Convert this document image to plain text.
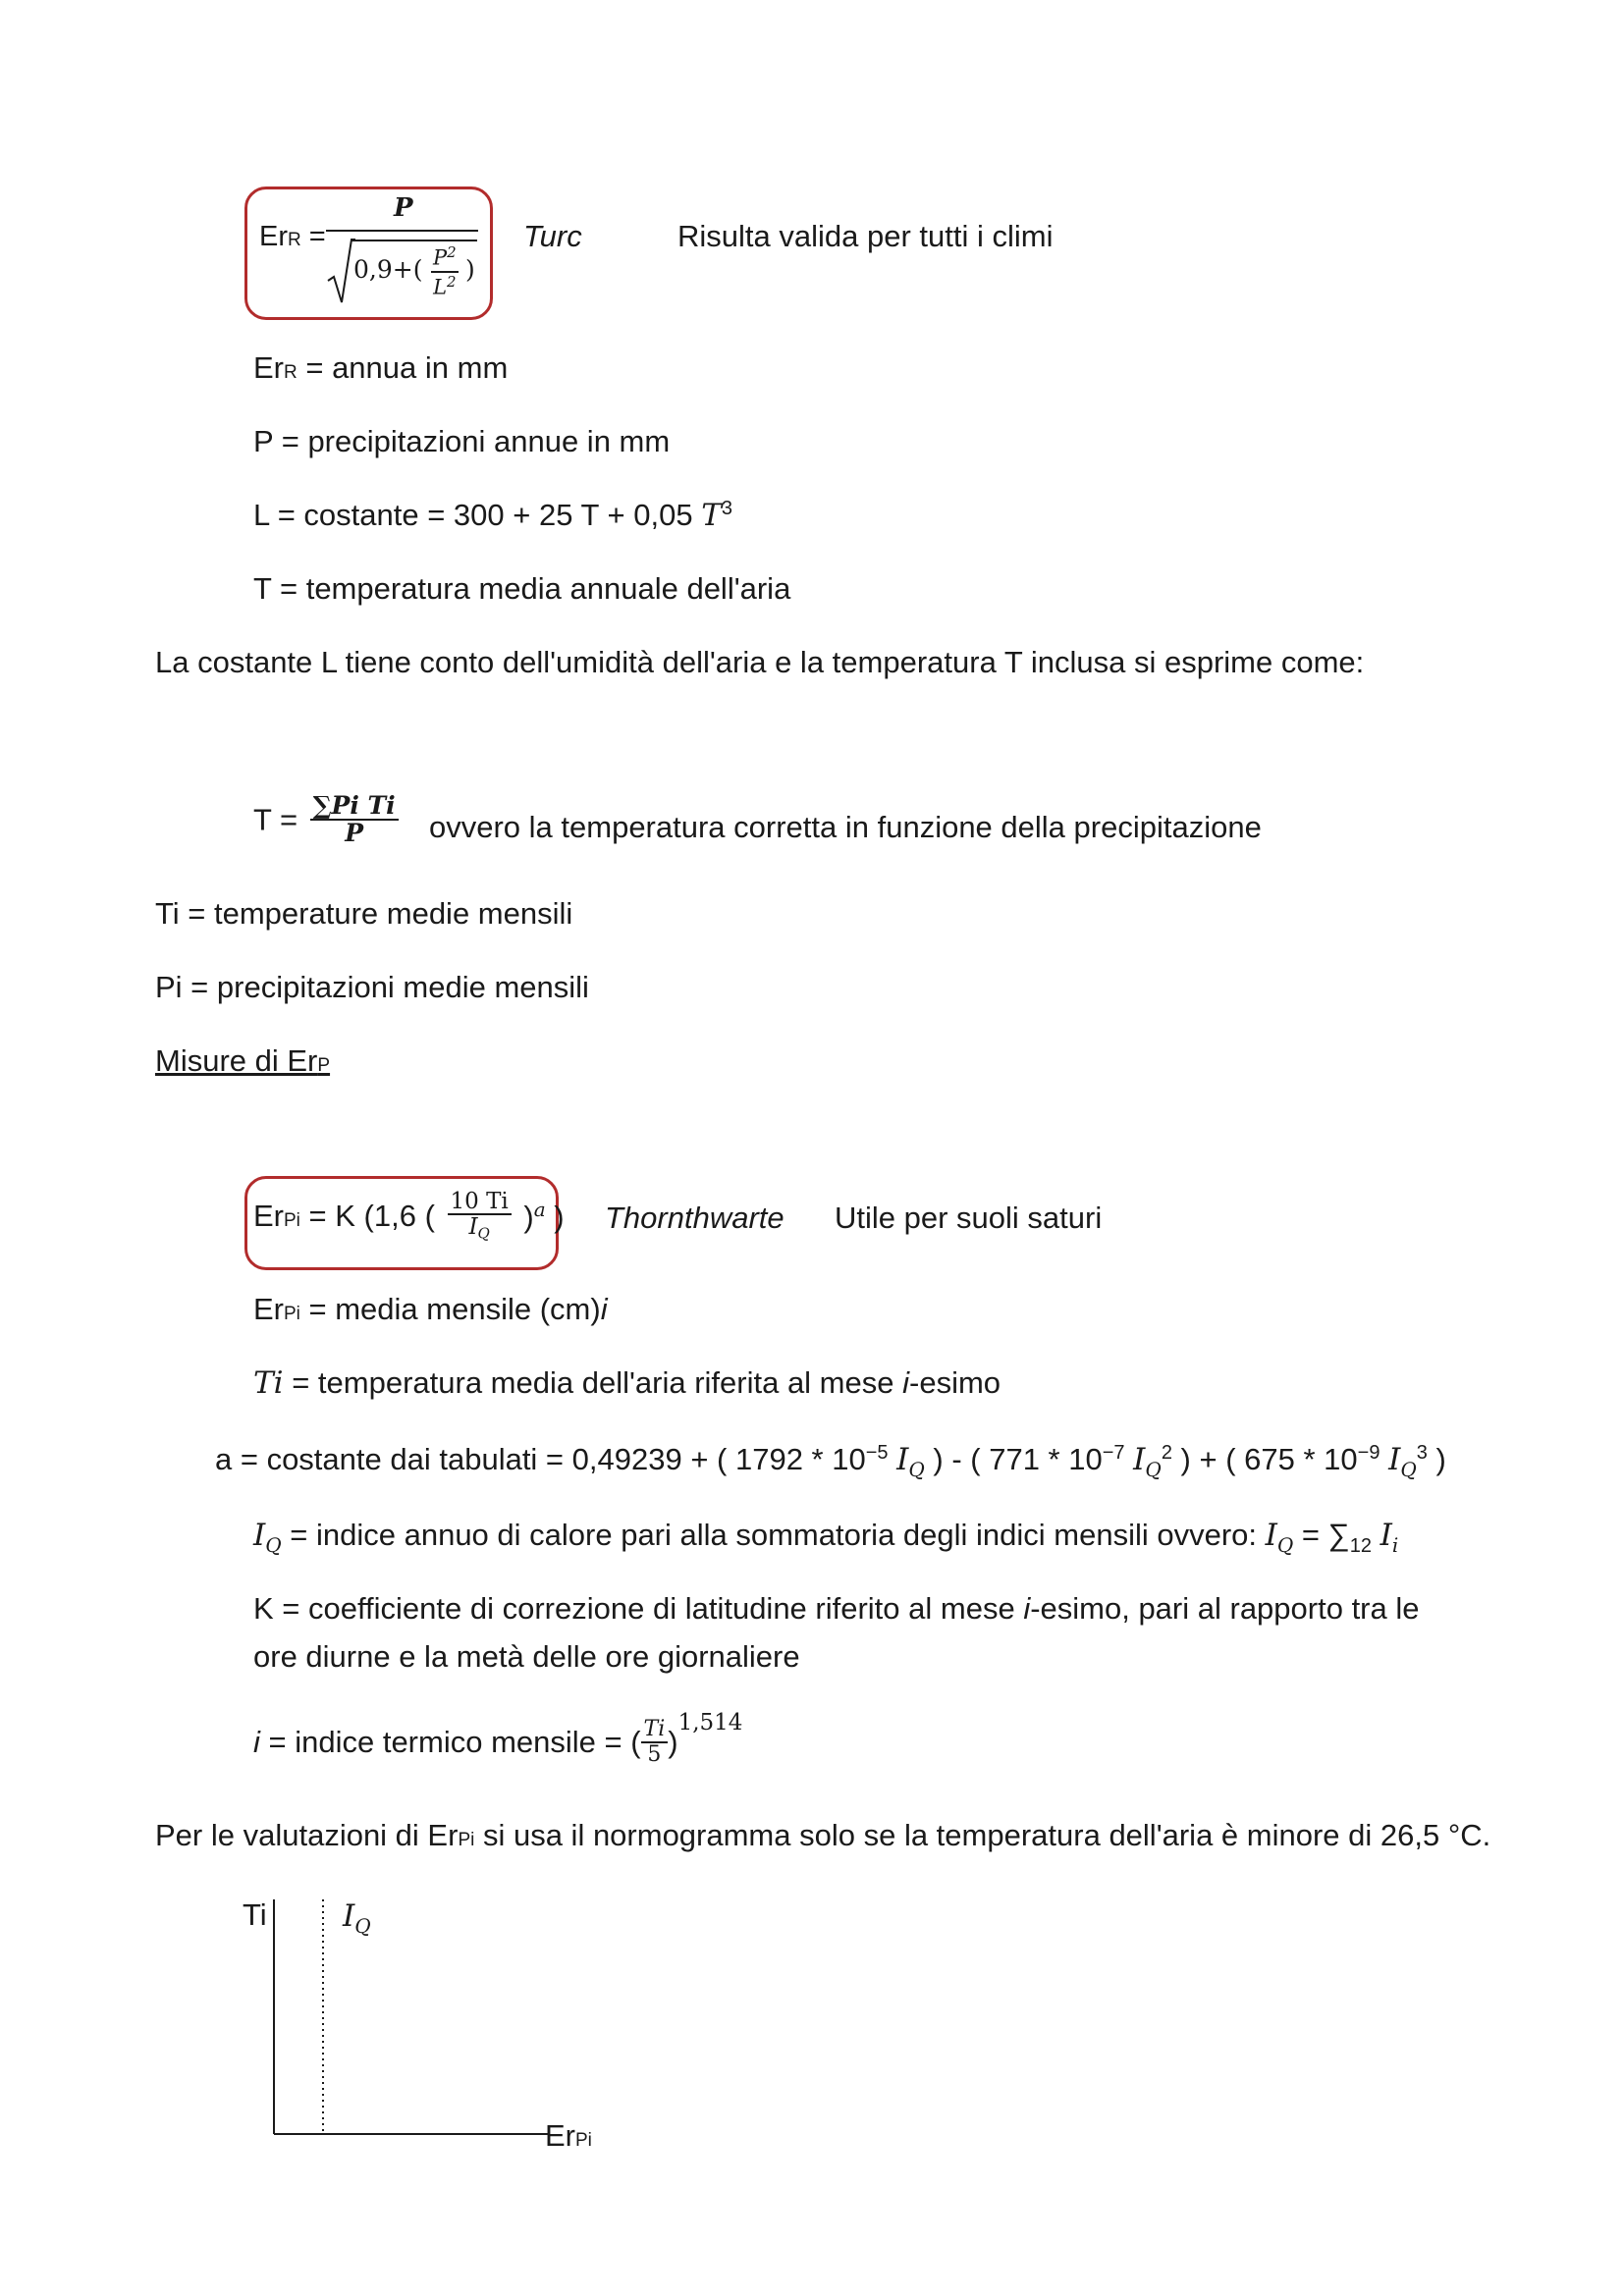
ErR =
P
0,9+( $P^2$
$L^2$ )
Turc	Risulta valida per tutti i climi
ErR = annua in mm
P = precipitazioni annue in mm
L = costante = 300 + 25 T + 0,05 $T^3$
T = temperatura media annuale dell'aria
La costante L tiene conto dell'umidità dell'aria e la temperatura T inclusa si esprime come:
$T = \frac{\text{∑Pi Ti}}{P}$ ovvero la temperatura corretta in funzione della precipitazione
Ti = temperature medie mensili
Pi = precipitazioni medie mensili
Misure di ErP
ErPi = K (1,6 ( $\frac{10 Ti}{IQ} )^a$ ) Thornthwarte Utile per suoli saturi
ErPi = media mensile (cm)i
Ti = temperatura media dell'aria riferita al mese i-esimo
a = costante dai tabulati = 0,49239 + ( $1792 * 10^{-5}$ $I_Q$ ) - ( $771 * 10^{-7}$ $I_Q^2$ ) + ( $675 * 10^{-9}$ $I_Q^3$ )
$I_Q$ = indice annuo di calore pari alla sommatoria degli indici mensili ovvero: $I_Q = \sum_{12}$ $I_i$
K = coefficiente di correzione di latitudine riferito al mese i-esimo, pari al rapporto tra le
ore diurne e la metà delle ore giornaliere
i = indice termico mensile = ( $\frac{Ti}{5} )^{1,514}$
Per le valutazioni di ErPi si usa il normogramma solo se la temperatura dell'aria è minore di 26,5 °C.
Ti $I_Q$
ErPi
